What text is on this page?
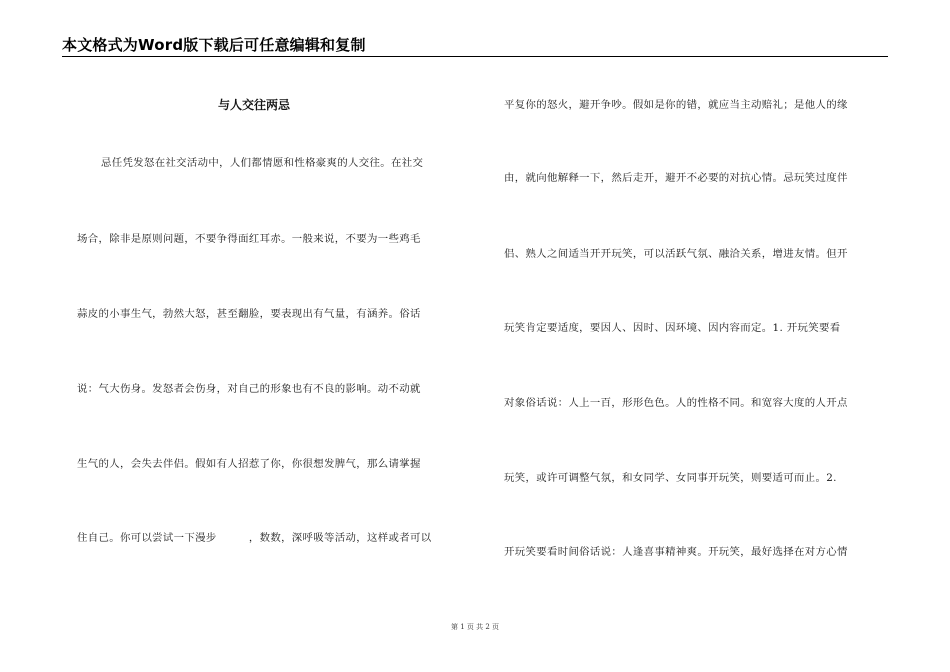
本文格式为Word版下载后可任意编辑和复制
与人交往两忌
忌任凭发怒在社交活动中，人们都情愿和性格豪爽的人交往。在社交
场合，除非是原则问题，不要争得面红耳赤。一般来说，不要为一些鸡毛
蒜皮的小事生气，勃然大怒，甚至翻脸，要表现出有气量，有涵养。俗话
说：气大伤身。发怒者会伤身，对自己的形象也有不良的影响。动不动就
生气的人，会失去伴侣。假如有人招惹了你，你很想发脾气，那么请掌握
住自己。你可以尝试一下漫步　　　，数数，深呼吸等活动，这样或者可以
平复你的怒火，避开争吵。假如是你的错，就应当主动赔礼；是他人的缘
由，就向他解释一下，然后走开，避开不必要的对抗心情。忌玩笑过度伴
侣、熟人之间适当开开玩笑，可以活跃气氛、融洽关系，增进友情。但开
玩笑肯定要适度，要因人、因时、因环境、因内容而定。1. 开玩笑要看
对象俗话说：人上一百，形形色色。人的性格不同。和宽容大度的人开点
玩笑，或许可调整气氛，和女同学、女同事开玩笑，则要适可而止。2.
开玩笑要看时间俗话说：人逢喜事精神爽。开玩笑，最好选择在对方心情
第 1 页 共 2 页
